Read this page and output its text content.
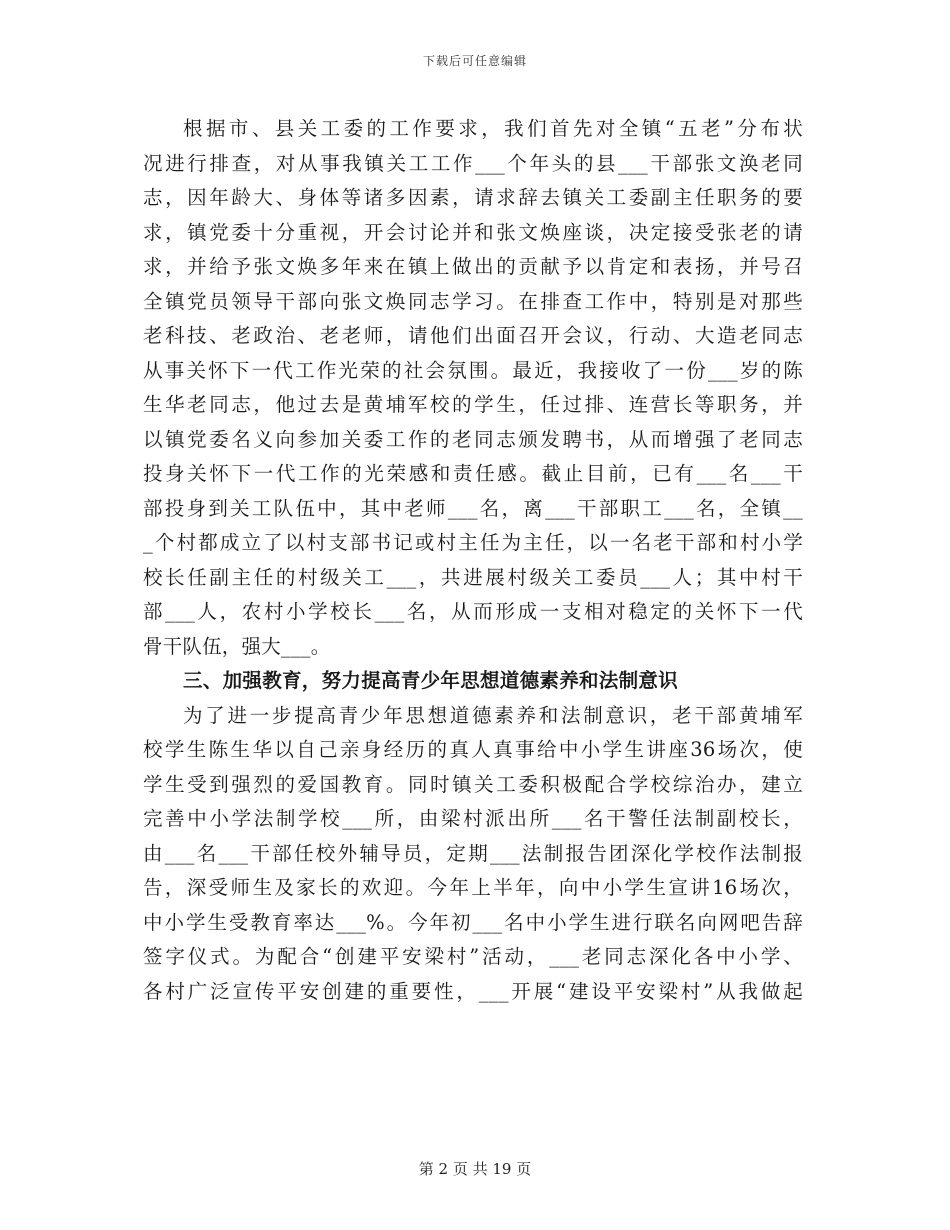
下载后可任意编辑
根据市、县关工委的工作要求，我们首先对全镇“五老”分布状
况进行排查，对从事我镇关工工作___个年头的县___干部张文涣老同
志，因年龄大、身体等诸多因素，请求辞去镇关工委副主任职务的要
求，镇党委十分重视，开会讨论并和张文焕座谈，决定接受张老的请
求，并给予张文焕多年来在镇上做出的贡献予以肯定和表扬，并号召
全镇党员领导干部向张文焕同志学习。在排查工作中，特别是对那些
老科技、老政治、老老师，请他们出面召开会议，行动、大造老同志
从事关怀下一代工作光荣的社会氛围。最近，我接收了一份___岁的陈
生华老同志，他过去是黄埔军校的学生，任过排、连营长等职务，并
以镇党委名义向参加关委工作的老同志颁发聘书，从而增强了老同志
投身关怀下一代工作的光荣感和责任感。截止目前，已有___名___干
部投身到关工队伍中，其中老师___名，离___干部职工___名，全镇__
_个村都成立了以村支部书记或村主任为主任，以一名老干部和村小学
校长任副主任的村级关工___，共进展村级关工委员___人；其中村干
部___人，农村小学校长___名，从而形成一支相对稳定的关怀下一代
骨干队伍，强大___。
三、加强教育，努力提高青少年思想道德素养和法制意识
为了进一步提高青少年思想道德素养和法制意识，老干部黄埔军
校学生陈生华以自己亲身经历的真人真事给中小学生讲座36场次，使
学生受到强烈的爱国教育。同时镇关工委积极配合学校综治办，建立
完善中小学法制学校___所，由梁村派出所___名干警任法制副校长，
由___名___干部任校外辅导员，定期___法制报告团深化学校作法制报
告，深受师生及家长的欢迎。今年上半年，向中小学生宣讲16场次，
中小学生受教育率达___%。今年初___名中小学生进行联名向网吧告辞
签字仪式。为配合“创建平安梁村”活动，___老同志深化各中小学、
各村广泛宣传平安创建的重要性，___开展“建设平安梁村”从我做起
第 2 页 共 19 页
